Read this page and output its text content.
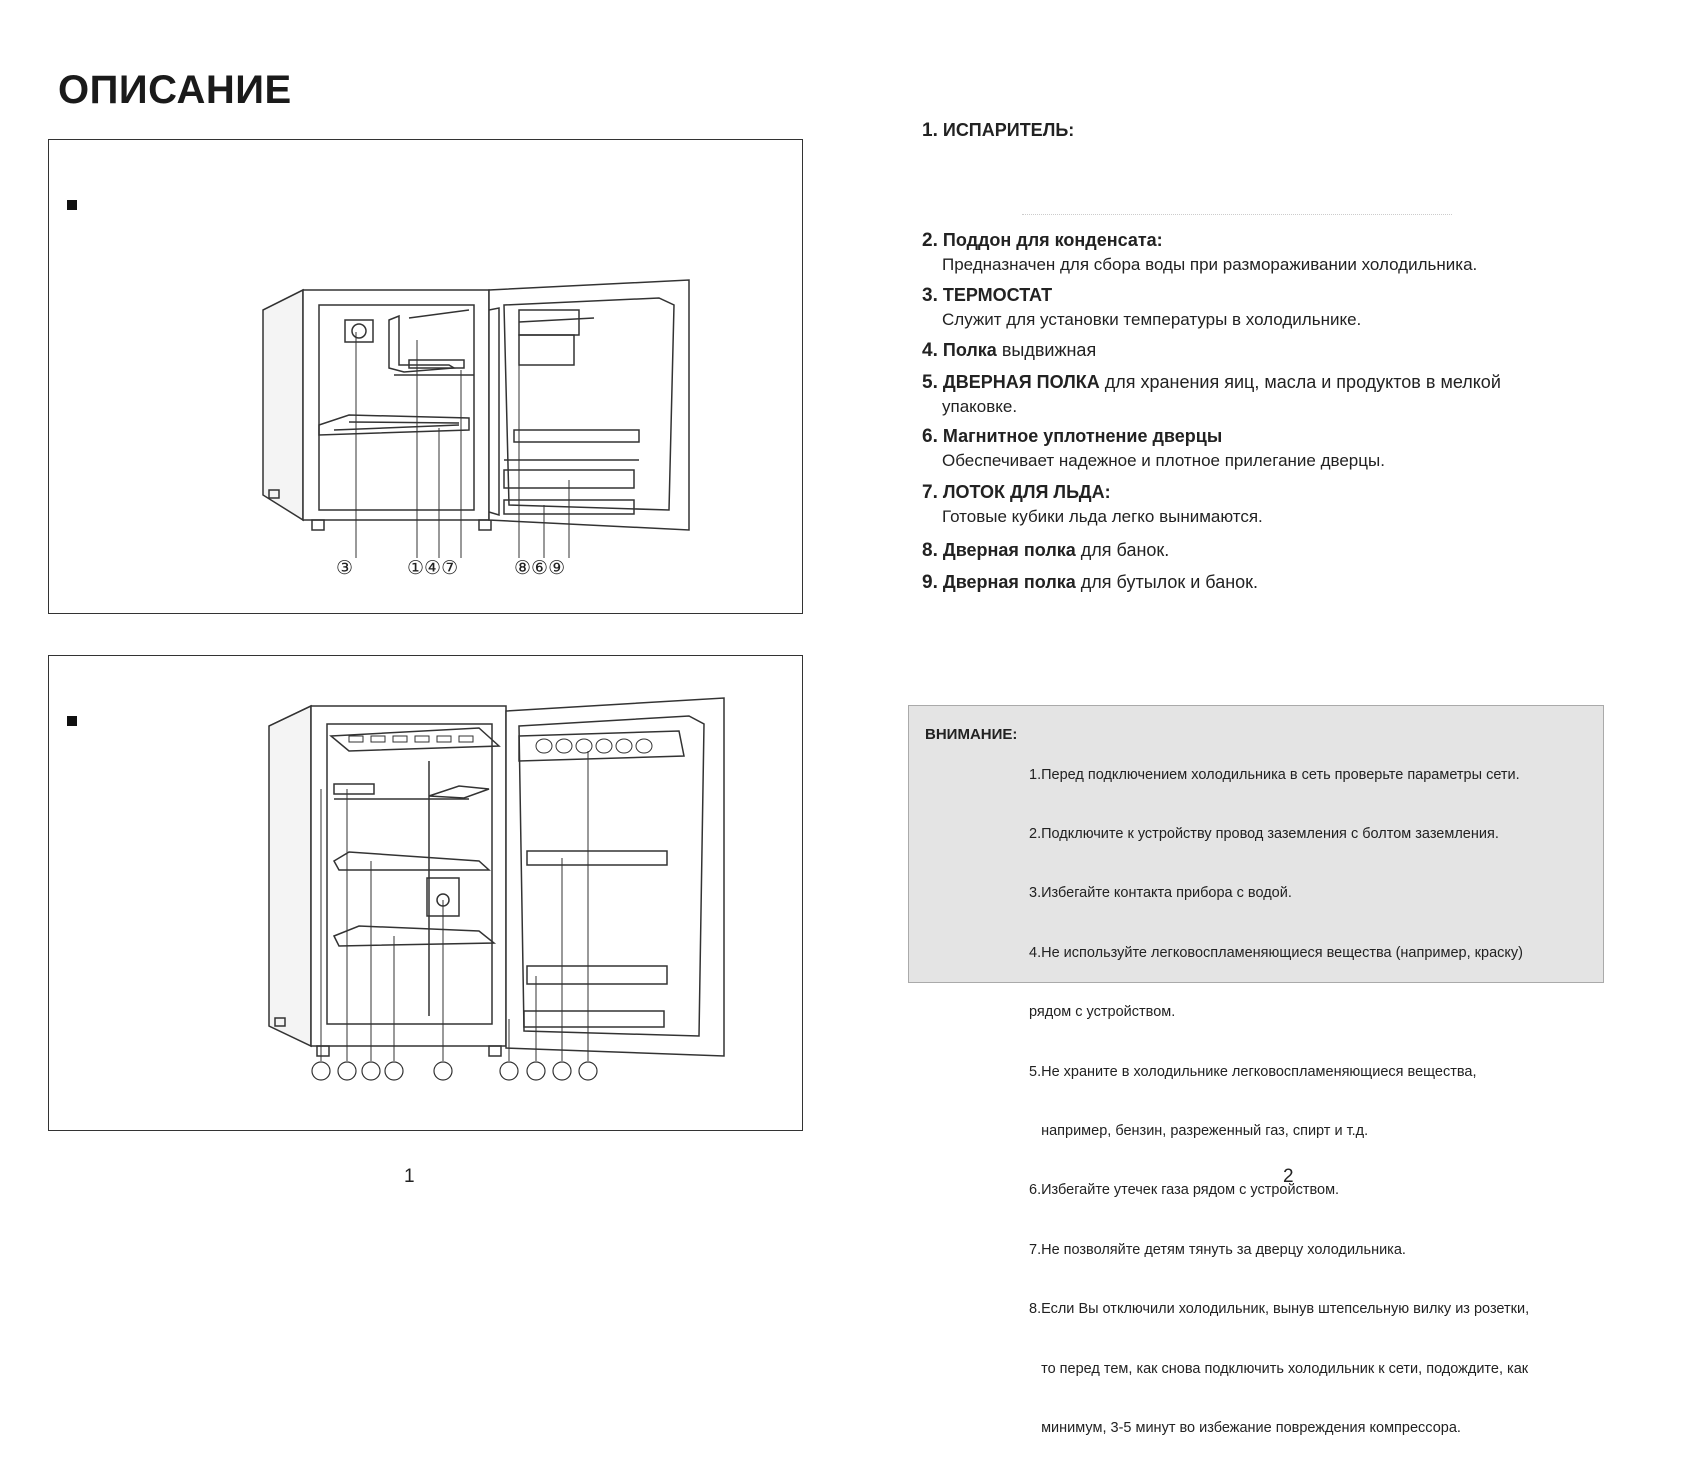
ОПИСАНИЕ
③	①④⑦	⑧⑥⑨
1. ИСПАРИТЕЛЬ:
2. Поддон для конденсата:
Предназначен для сбора воды при размораживании холодильника.
3. ТЕРМОСТАТ
Служит для установки температуры в холодильнике.
4. Полка выдвижная
5. ДВЕРНАЯ ПОЛКА для хранения яиц, масла и продуктов в мелкой
упаковке.
6. Магнитное уплотнение дверцы
Обеспечивает надежное и плотное прилегание дверцы.
7. ЛОТОК ДЛЯ ЛЬДА:
Готовые кубики льда легко вынимаются.
8. Дверная полка для банок.
9. Дверная полка для бутылок и банок.
ВНИМАНИЕ:

1.Перед подключением холодильника в сеть проверьте параметры сети.

2.Подключите к устройству провод заземления с болтом заземления.

3.Избегайте контакта прибора с водой.

4.Не используйте легковоспламеняющиеся вещества (например, краску)

рядом с устройством.

5.Не храните в холодильнике легковоспламеняющиеся вещества,

например, бензин, разреженный газ, спирт и т.д.

6.Избегайте утечек газа рядом с устройством.

7.Не позволяйте детям тянуть за дверцу холодильника.

8.Если Вы отключили холодильник, вынув штепсельную вилку из розетки,

то перед тем, как снова подключить холодильник к сети, подождите, как

минимум, 3-5 минут во избежание повреждения компрессора.

1	2
